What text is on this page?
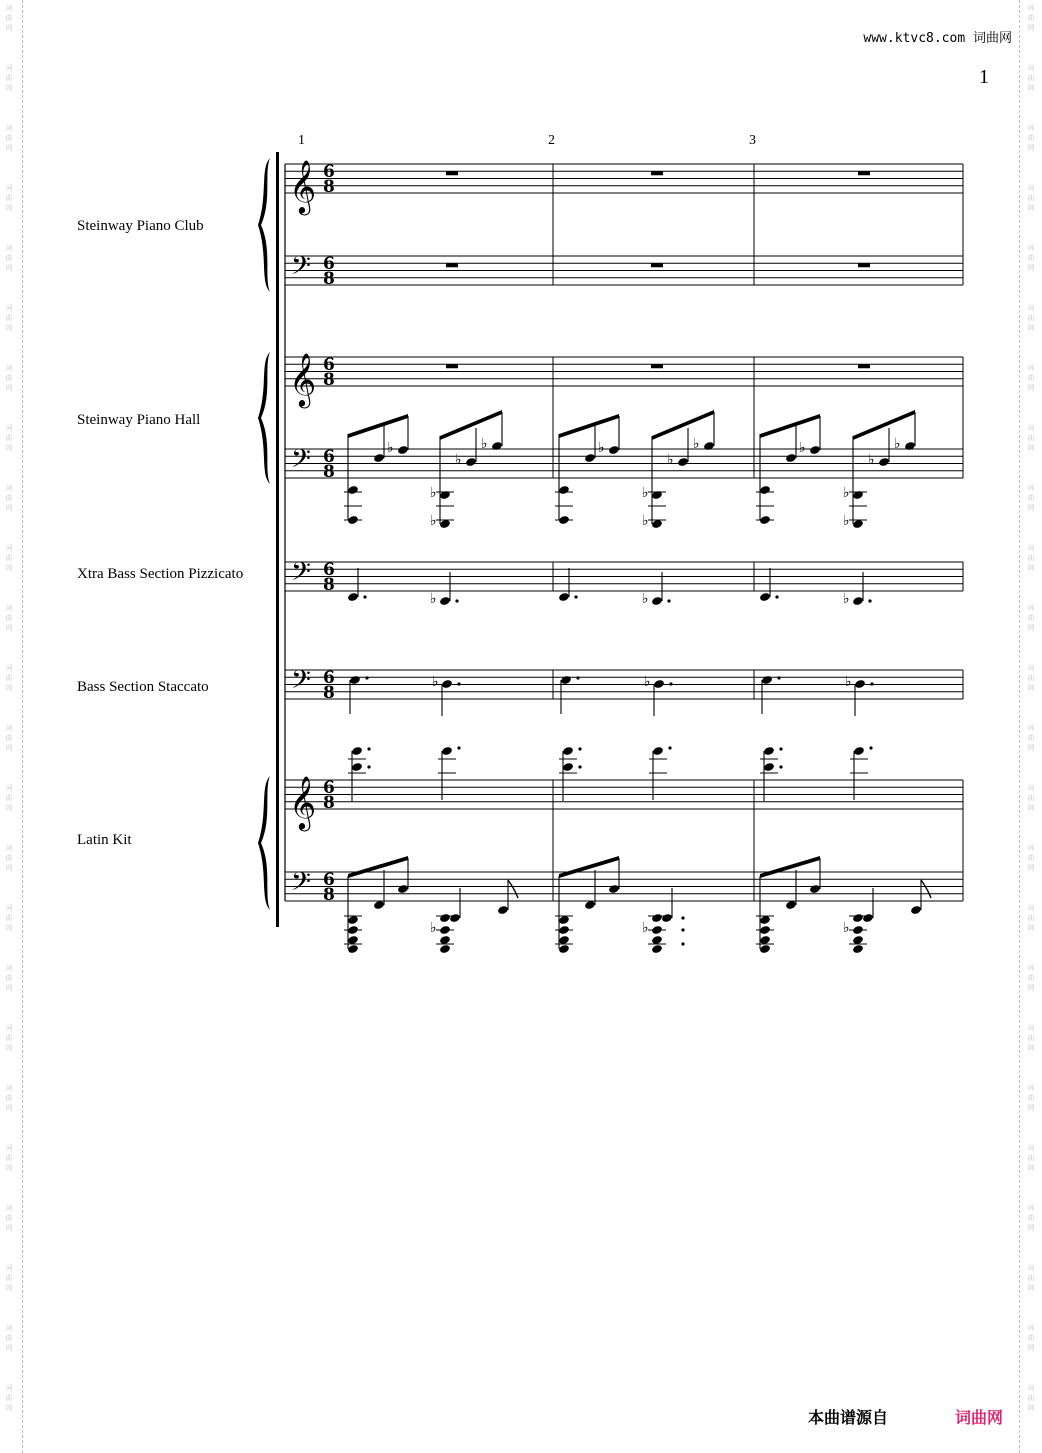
词
曲
网
词
曲
网
词
曲
网
词
曲
网
词
曲
网
词
曲
网
词
曲
网
词
曲
网
词
曲
网
词
曲
网
词
曲
网
词
曲
网
词
曲
网
词
曲
网
词
曲
网
词
曲
网
词
曲
网
词
曲
网
词
曲
网
词
曲
网
词
曲
网
词
曲
网
词
曲
网
词
曲
网
词
曲
网
词
曲
网
词
曲
网
词
曲
网
词
曲
网
词
曲
网
词
曲
网
词
曲
网
词
曲
网
词
曲
网
词
曲
网
词
曲
网
词
曲
网
词
曲
网
词
曲
网
词
曲
网
词
曲
网
词
曲
网
词
曲
网
词
曲
网
词
曲
网
词
曲
网
词
曲
网
词
曲
网
www.ktvc8.com 词曲网
1
1	2	3
Steinway Piano Club
Steinway Piano Hall
Xtra Bass Section Pizzicato
Bass Section Staccato
Latin Kit
𝄞 6
8
𝄢 6
8
𝄞 6
8
𝄢 6
8
𝄢 6
8
𝄢 6
8
𝄞 6
8
𝄢 6
8
♭
♭
♭
♭
♭	♭
♭
♭
♭
♭	♭
♭
♭
♭
♭
♭	♭	♭
♭	♭	♭
♭	♭	♭
本曲谱源自	词曲网
